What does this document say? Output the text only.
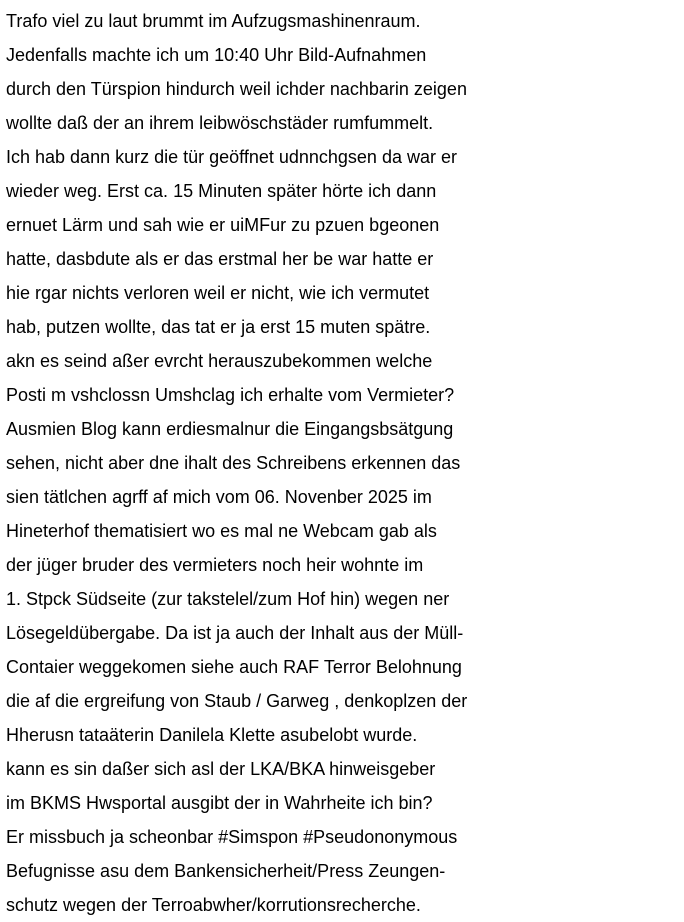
Trafo viel zu laut brummt im Aufzugsmashinenraum.
Jedenfalls machte ich um 10:40 Uhr Bild-Aufnahmen
durch den Türspion hindurch weil ichder nachbarin zeigen
wollte daß der an ihrem leibwöschstäder rumfummelt.
Ich hab dann kurz die tür geöffnet udnnchgsen da war er
wieder weg. Erst ca. 15 Minuten später hörte ich dann
ernuet Lärm und sah wie er uiMFur zu pzuen bgeonen
hatte, dasbdute als er das erstmal her be war hatte er
hie rgar nichts verloren weil er nicht, wie ich vermutet
hab, putzen wollte, das tat er ja erst 15 muten spätre.
akn es seind aßer evrcht herauszubekommen welche
Posti m vshclossn Umshclag ich erhalte vom Vermieter?
Ausmien Blog kann erdiesmalnur die Eingangsbsätgung
sehen, nicht aber dne ihalt des Schreibens erkennen das
sien tätlchen agrff af mich vom 06. Novenber 2025 im
Hineterhof thematisiert wo es mal ne Webcam gab als
der jüger bruder des vermieters noch heir wohnte im
1. Stpck Südseite (zur takstelel/zum Hof hin) wegen ner
Lösegeldübergabe. Da ist ja auch der Inhalt aus der Müll-
Contaier weggekomen siehe auch RAF Terror Belohnung
die af die ergreifung von Staub / Garweg , denkoplzen der
Hherusn tataäterin Danilela Klette asubelobt wurde.
kann es sin daßer sich asl der LKA/BKA hinweisgeber
im BKMS Hwsportal ausgibt der in Wahrheite ich bin?
Er missbuch ja scheonbar #Simspon #Pseudononymous
Befugnisse asu dem Bankensicherheit/Press Zeungen-
schutz wegen der Terroabwher/korrutionsrecherche.
